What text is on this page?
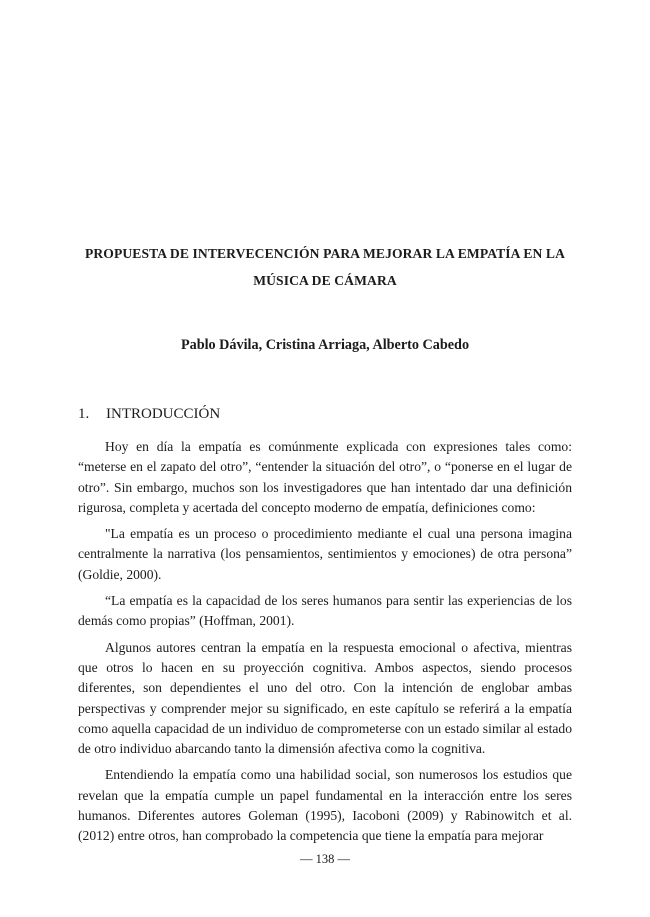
PROPUESTA DE INTERVECENCIÓN PARA MEJORAR LA EMPATÍA EN LA
MÚSICA DE CÁMARA
Pablo Dávila, Cristina Arriaga, Alberto Cabedo
1. INTRODUCCIÓN

Hoy en día la empatía es comúnmente explicada con expresiones tales como: “meterse en el zapato del otro”, “entender la situación del otro”, o “ponerse en el lugar de otro”. Sin embargo, muchos son los investigadores que han intentado dar una definición rigurosa, completa y acertada del concepto moderno de empatía, definiciones como:

"La empatía es un proceso o procedimiento mediante el cual una persona imagina centralmente la narrativa (los pensamientos, sentimientos y emociones) de otra persona” (Goldie, 2000).

“La empatía es la capacidad de los seres humanos para sentir las experiencias de los demás como propias” (Hoffman, 2001).

Algunos autores centran la empatía en la respuesta emocional o afectiva, mientras que otros lo hacen en su proyección cognitiva. Ambos aspectos, siendo procesos diferentes, son dependientes el uno del otro. Con la intención de englobar ambas perspectivas y comprender mejor su significado, en este capítulo se referirá a la empatía como aquella capacidad de un individuo de comprometerse con un estado similar al estado de otro individuo abarcando tanto la dimensión afectiva como la cognitiva.

Entendiendo la empatía como una habilidad social, son numerosos los estudios que revelan que la empatía cumple un papel fundamental en la interacción entre los seres humanos. Diferentes autores Goleman (1995), Iacoboni (2009) y Rabinowitch et al. (2012) entre otros, han comprobado la competencia que tiene la empatía para mejorar

— 138 —
